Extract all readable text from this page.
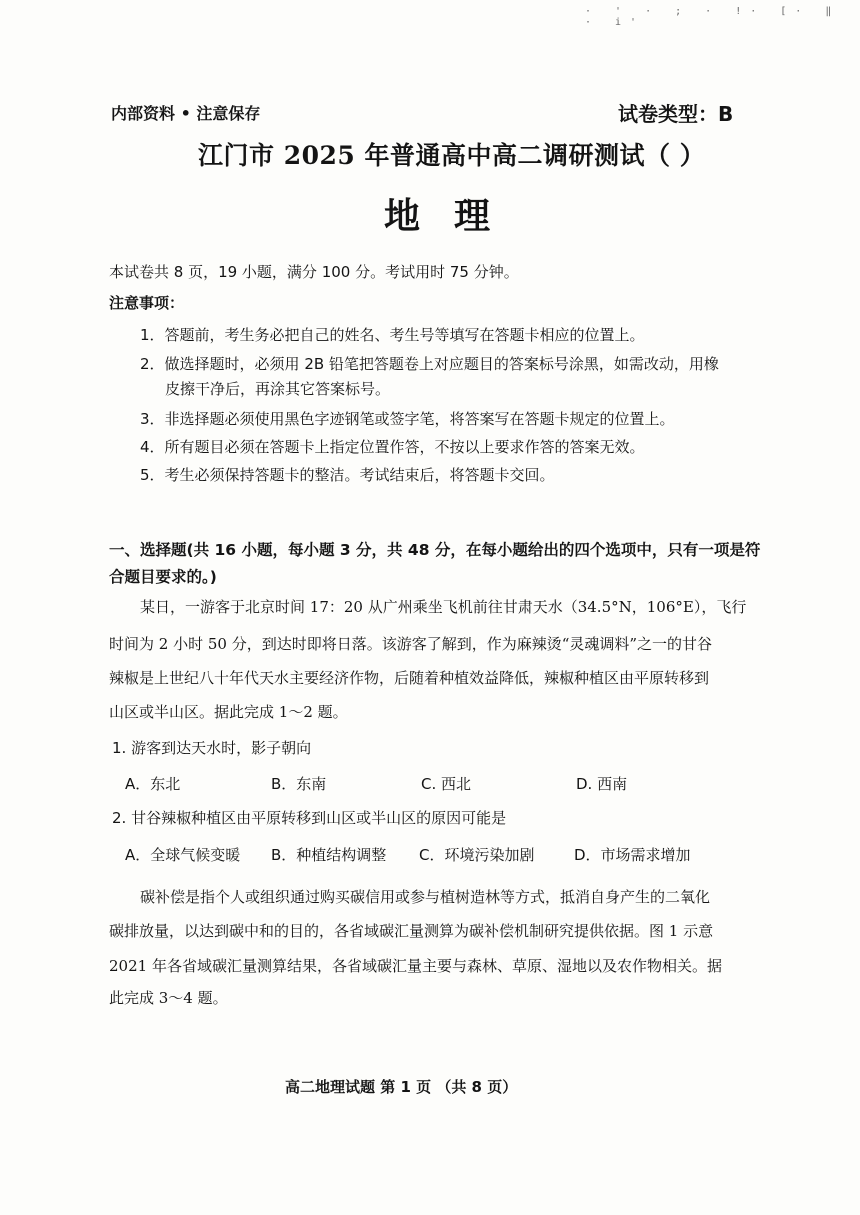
· ' · ; · !· [· ‖ · i'
内部资料 • 注意保存	试卷类型：B
江门市 2025 年普通高中高二调研测试（ ）
地理
本试卷共 8 页，19 小题，满分 100 分。考试用时 75 分钟。
注意事项：
1．答题前，考生务必把自己的姓名、考生号等填写在答题卡相应的位置上。
2．做选择题时，必须用 2B 铅笔把答题卷上对应题目的答案标号涂黑，如需改动，用橡
皮擦干净后，再涂其它答案标号。
3．非选择题必须使用黑色字迹钢笔或签字笔，将答案写在答题卡规定的位置上。
4．所有题目必须在答题卡上指定位置作答，不按以上要求作答的答案无效。
5．考生必须保持答题卡的整洁。考试结束后，将答题卡交回。
一、选择题(共 16 小题，每小题 3 分，共 48 分，在每小题给出的四个选项中，只有一项是符
合题目要求的。)
某日，一游客于北京时间 17：20 从广州乘坐飞机前往甘肃天水（34.5°N，106°E），飞行
时间为 2 小时 50 分，到达时即将日落。该游客了解到，作为麻辣烫“灵魂调料”之一的甘谷
辣椒是上世纪八十年代天水主要经济作物，后随着种植效益降低，辣椒种植区由平原转移到
山区或半山区。据此完成 1～2 题。
1. 游客到达天水时，影子朝向
A．东北	B．东南	C. 西北	D. 西南
2. 甘谷辣椒种植区由平原转移到山区或半山区的原因可能是
A．全球气候变暖 B．种植结构调整 C．环境污染加剧	D．市场需求增加
碳补偿是指个人或组织通过购买碳信用或参与植树造林等方式，抵消自身产生的二氧化
碳排放量，以达到碳中和的目的，各省域碳汇量测算为碳补偿机制研究提供依据。图 1 示意
2021 年各省域碳汇量测算结果，各省域碳汇量主要与森林、草原、湿地以及农作物相关。据
此完成 3～4 题。
高二地理试题 第 1 页 （共 8 页）
